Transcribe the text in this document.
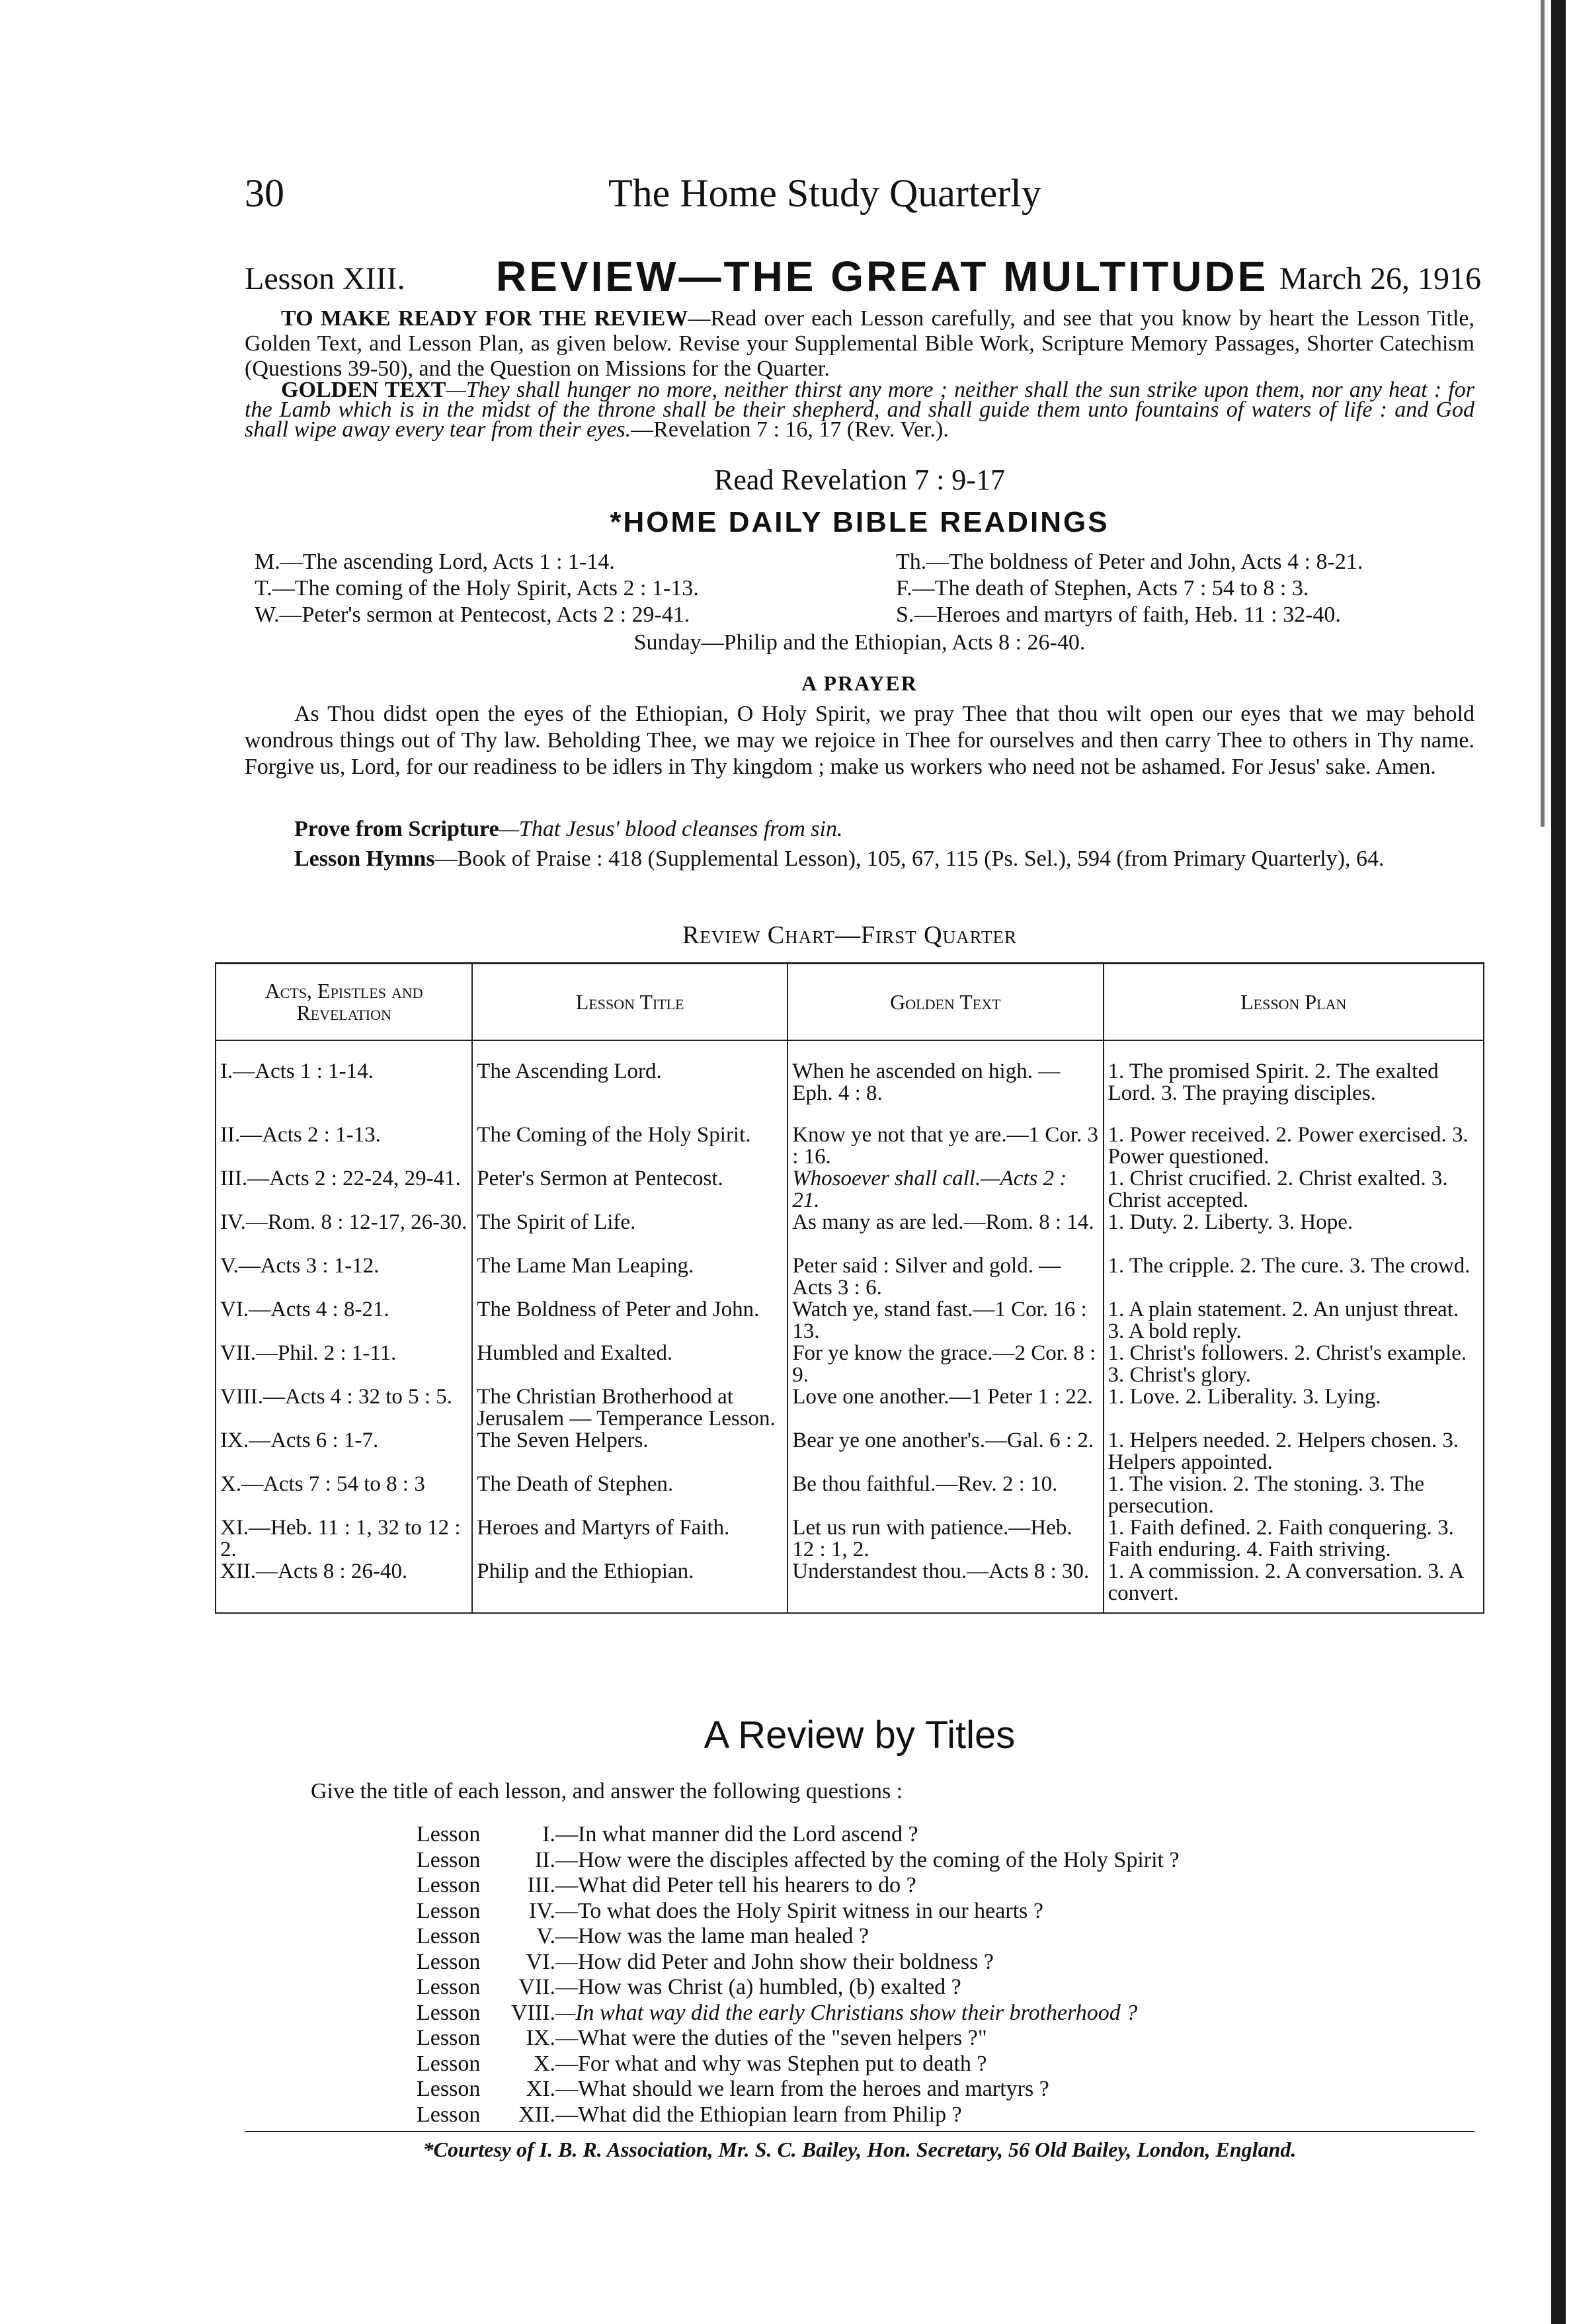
30	The Home Study Quarterly
Lesson XIII. REVIEW—THE GREAT MULTITUDE March 26, 1916
TO MAKE READY FOR THE REVIEW—Read over each Lesson carefully, and see that you know by heart the Lesson Title, Golden Text, and Lesson Plan, as given below. Revise your Supplemental Bible Work, Scripture Memory Passages, Shorter Catechism (Questions 39-50), and the Question on Missions for the Quarter.
GOLDEN TEXT—They shall hunger no more, neither thirst any more ; neither shall the sun strike upon them, nor any heat : for the Lamb which is in the midst of the throne shall be their shepherd, and shall guide them unto fountains of waters of life : and God shall wipe away every tear from their eyes.—Revelation 7 : 16, 17 (Rev. Ver.).
Read Revelation 7 : 9-17
*HOME DAILY BIBLE READINGS
M.—The ascending Lord, Acts 1 : 1-14.
T.—The coming of the Holy Spirit, Acts 2 : 1-13.
W.—Peter's sermon at Pentecost, Acts 2 : 29-41.
Th.—The boldness of Peter and John, Acts 4 : 8-21.
F.—The death of Stephen, Acts 7 : 54 to 8 : 3.
S.—Heroes and martyrs of faith, Heb. 11 : 32-40.
Sunday—Philip and the Ethiopian, Acts 8 : 26-40.
A PRAYER
As Thou didst open the eyes of the Ethiopian, O Holy Spirit, we pray Thee that thou wilt open our eyes that we may behold wondrous things out of Thy law. Beholding Thee, we may we rejoice in Thee for ourselves and then carry Thee to others in Thy name. Forgive us, Lord, for our readiness to be idlers in Thy kingdom ; make us workers who need not be ashamed. For Jesus' sake. Amen.
Prove from Scripture—That Jesus' blood cleanses from sin.
Lesson Hymns—Book of Praise : 418 (Supplemental Lesson), 105, 67, 115 (Ps. Sel.), 594 (from Primary Quarterly), 64.
Review Chart—First Quarter
Acts, Epistles and Revelation	Lesson Title	Golden Text	Lesson Plan
I.—Acts 1 : 1-14.	The Ascending Lord.	When he ascended on high. —Eph. 4 : 8.	1. The promised Spirit. 2. The exalted Lord. 3. The praying disciples.
II.—Acts 2 : 1-13.	The Coming of the Holy Spirit.	Know ye not that ye are.—1 Cor. 3 : 16.	1. Power received. 2. Power exercised. 3. Power questioned.
III.—Acts 2 : 22-24, 29-41.	Peter's Sermon at Pentecost.	Whosoever shall call.—Acts 2 : 21.	1. Christ crucified. 2. Christ exalted. 3. Christ accepted.
IV.—Rom. 8 : 12-17, 26-30.	The Spirit of Life.	As many as are led.—Rom. 8 : 14.	1. Duty. 2. Liberty. 3. Hope.
V.—Acts 3 : 1-12.	The Lame Man Leaping.	Peter said : Silver and gold. —Acts 3 : 6.	1. The cripple. 2. The cure. 3. The crowd.
VI.—Acts 4 : 8-21.	The Boldness of Peter and John.	Watch ye, stand fast.—1 Cor. 16 : 13.	1. A plain statement. 2. An unjust threat. 3. A bold reply.
VII.—Phil. 2 : 1-11.	Humbled and Exalted.	For ye know the grace.—2 Cor. 8 : 9.	1. Christ's followers. 2. Christ's example. 3. Christ's glory.
VIII.—Acts 4 : 32 to 5 : 5.	The Christian Brotherhood at Jerusalem — Temperance Lesson.	Love one another.—1 Peter 1 : 22.	1. Love. 2. Liberality. 3. Lying.
IX.—Acts 6 : 1-7.	The Seven Helpers.	Bear ye one another's.—Gal. 6 : 2.	1. Helpers needed. 2. Helpers chosen. 3. Helpers appointed.
X.—Acts 7 : 54 to 8 : 3	The Death of Stephen.	Be thou faithful.—Rev. 2 : 10.	1. The vision. 2. The stoning. 3. The persecution.
XI.—Heb. 11 : 1, 32 to 12 : 2.	Heroes and Martyrs of Faith.	Let us run with patience.—Heb. 12 : 1, 2.	1. Faith defined. 2. Faith conquering. 3. Faith enduring. 4. Faith striving.
XII.—Acts 8 : 26-40.	Philip and the Ethiopian.	Understandest thou.—Acts 8 : 30.	1. A commission. 2. A conversation. 3. A convert.
A Review by Titles
Give the title of each lesson, and answer the following questions :
Lesson	I.—In what manner did the Lord ascend ?
Lesson II.—How were the disciples affected by the coming of the Holy Spirit ?
Lesson III.—What did Peter tell his hearers to do ?
Lesson IV.—To what does the Holy Spirit witness in our hearts ?
Lesson	V.—How was the lame man healed ?
Lesson VI.—How did Peter and John show their boldness ?
Lesson VII.—How was Christ (a) humbled, (b) exalted ?
Lesson VIII.—In what way did the early Christians show their brotherhood ?
Lesson IX.—What were the duties of the "seven helpers ?"
Lesson X.—For what and why was Stephen put to death ?
Lesson XI.—What should we learn from the heroes and martyrs ?
Lesson XII.—What did the Ethiopian learn from Philip ?
*Courtesy of I. B. R. Association, Mr. S. C. Bailey, Hon. Secretary, 56 Old Bailey, London, England.
